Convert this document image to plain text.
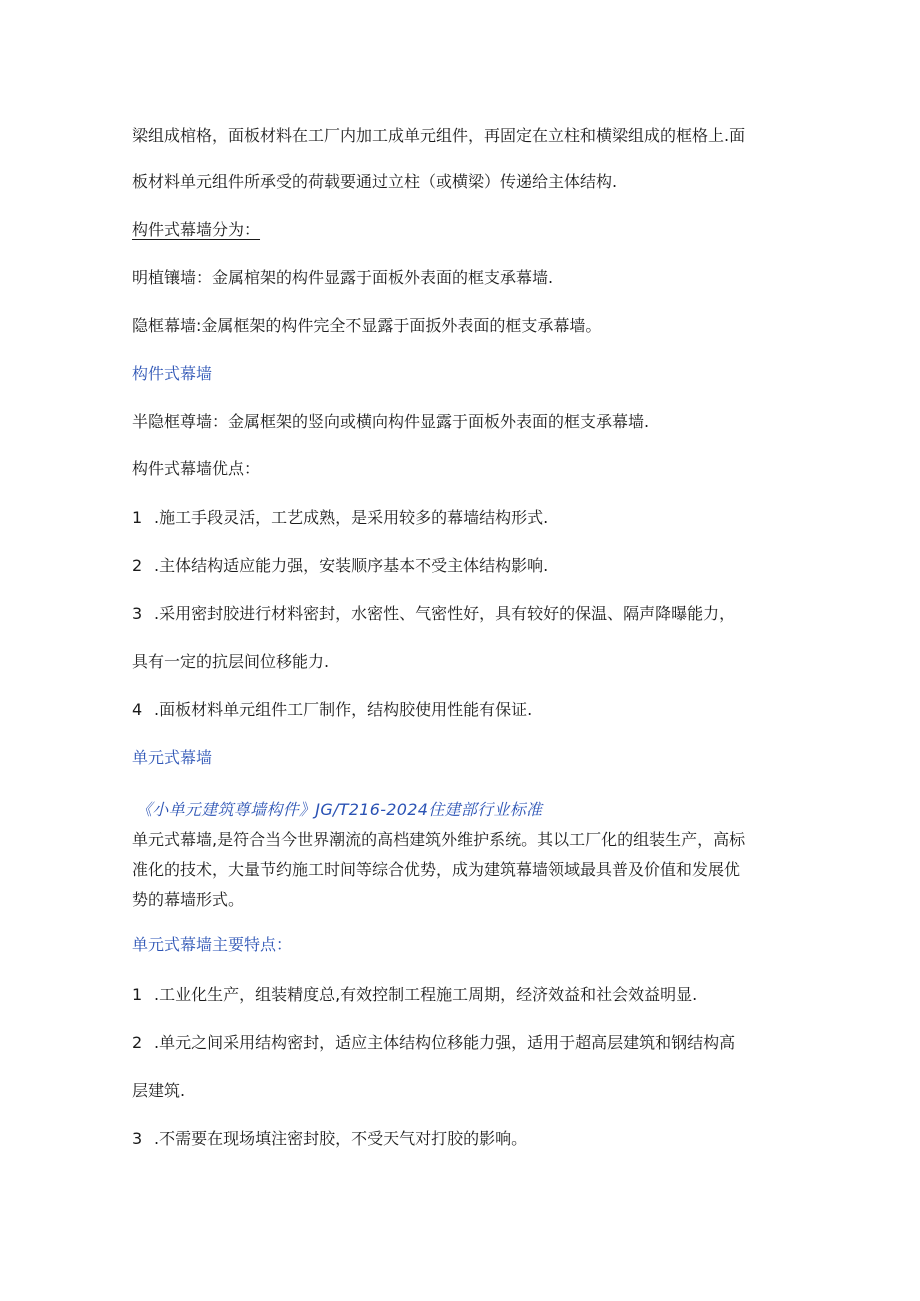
梁组成棺格，面板材料在工厂内加工成单元组件，再固定在立柱和横梁组成的框格上.面
板材料单元组件所承受的荷载要通过立柱（或横梁）传递给主体结构.
构件式幕墙分为：
明植镶墙：金属棺架的构件显露于面板外表面的框支承幕墙.
隐框幕墙:金属框架的构件完全不显露于面扳外表面的框支承幕墙。
构件式幕墙
半隐框尊墙：金属框架的竖向或横向构件显露于面板外表面的框支承幕墙.
构件式幕墙优点：
1 .施工手段灵活，工艺成熟，是采用较多的幕墙结构形式.
2 .主体结构适应能力强，安装顺序基本不受主体结构影响.
3 .采用密封胶进行材料密封，水密性、气密性好，具有较好的保温、隔声降曝能力，
具有一定的抗层间位移能力.
4 .面板材料单元组件工厂制作，结构胶使用性能有保证.
单元式幕墙
《小单元建筑尊墙构件》JG/T216-2024住建部行业标准
单元式幕墙,是符合当今世界潮流的高档建筑外维护系统。其以工厂化的组装生产，高标
准化的技术，大量节约施工时间等综合优势，成为建筑幕墙领域最具普及价值和发展优
势的幕墙形式。
单元式幕墙主要特点：
1 .工业化生产，组装精度总,有效控制工程施工周期，经济效益和社会效益明显.
2 .单元之间采用结构密封，适应主体结构位移能力强，适用于超高层建筑和钢结构高
层建筑.
3 .不需要在现场填注密封胶，不受天气对打胶的影响。
